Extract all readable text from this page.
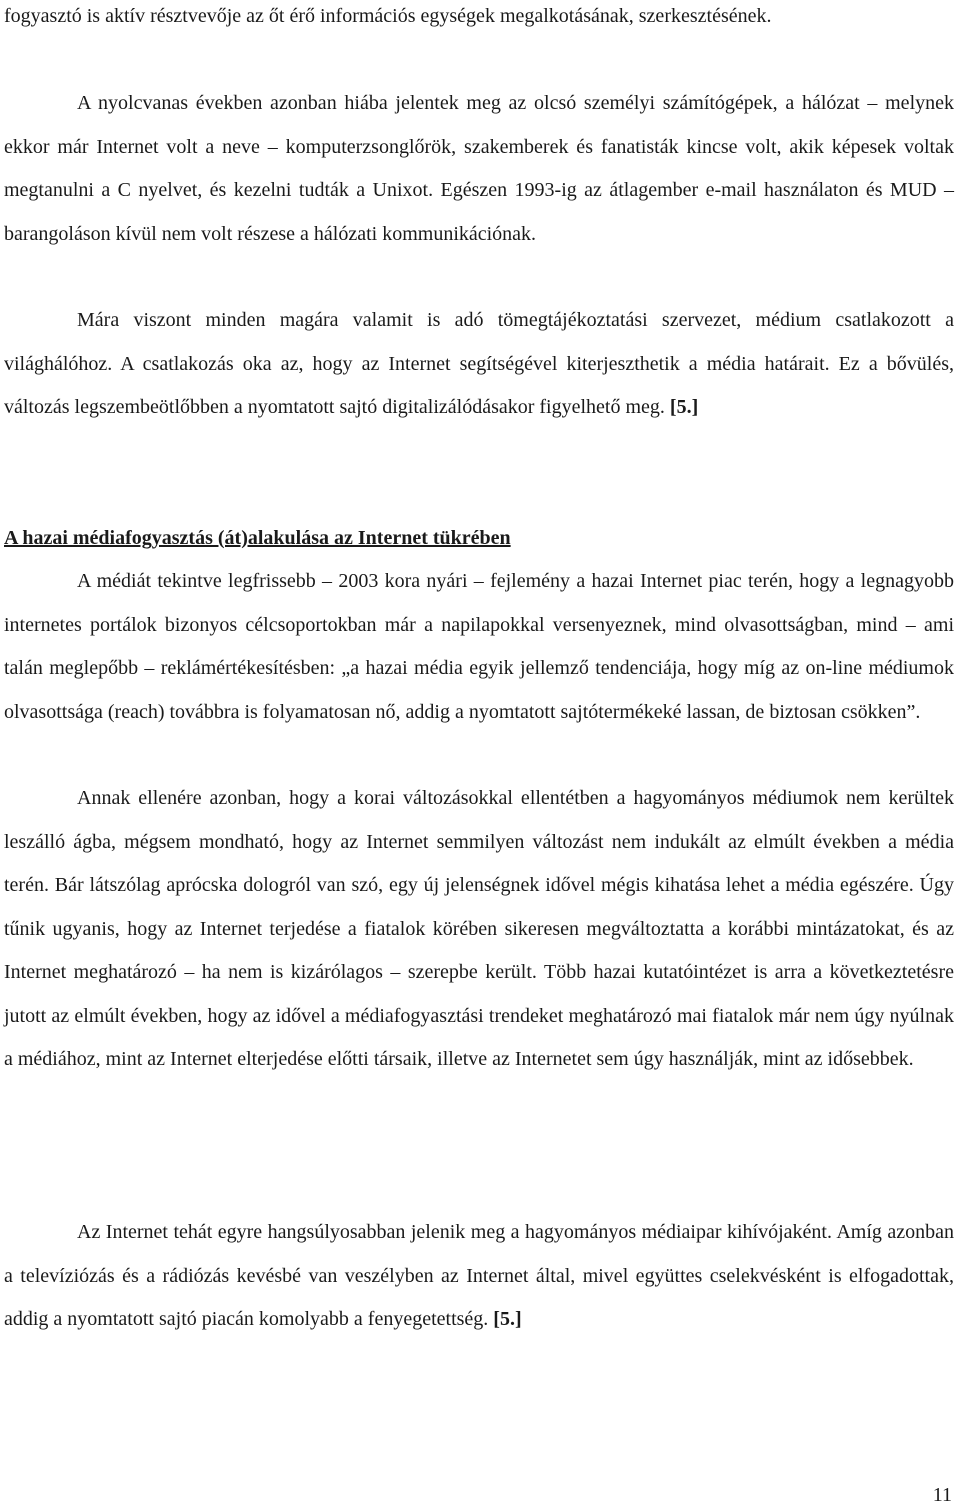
fogyasztó is aktív résztvevője az őt érő információs egységek megalkotásának, szerkesztésének.

A nyolcvanas években azonban hiába jelentek meg az olcsó személyi számítógépek, a hálózat – melynek ekkor már Internet volt a neve – komputerzsonglőrök, szakemberek és fanatisták kincse volt, akik képesek voltak megtanulni a C nyelvet, és kezelni tudták a Unixot. Egészen 1993-ig az átlagember e-mail használaton és MUD – barangoláson kívül nem volt részese a hálózati kommunikációnak.

Mára viszont minden magára valamit is adó tömegtájékoztatási szervezet, médium csatlakozott a világhálóhoz. A csatlakozás oka az, hogy az Internet segítségével kiterjeszthetik a média határait. Ez a bővülés, változás legszembeötlőbben a nyomtatott sajtó digitalizálódásakor figyelhető meg. [5.]

A hazai médiafogyasztás (át)alakulása az Internet tükrében

A médiát tekintve legfrissebb – 2003 kora nyári – fejlemény a hazai Internet piac terén, hogy a legnagyobb internetes portálok bizonyos célcsoportokban már a napilapokkal versenyeznek, mind olvasottságban, mind – ami talán meglepőbb – reklámértékesítésben: „a hazai média egyik jellemző tendenciája, hogy míg az on-line médiumok olvasottsága (reach) továbbra is folyamatosan nő, addig a nyomtatott sajtótermékeké lassan, de biztosan csökken”.

Annak ellenére azonban, hogy a korai változásokkal ellentétben a hagyományos médiumok nem kerültek leszálló ágba, mégsem mondható, hogy az Internet semmilyen változást nem indukált az elmúlt években a média terén. Bár látszólag aprócska dologról van szó, egy új jelenségnek idővel mégis kihatása lehet a média egészére. Úgy tűnik ugyanis, hogy az Internet terjedése a fiatalok körében sikeresen megváltoztatta a korábbi mintázatokat, és az Internet meghatározó – ha nem is kizárólagos – szerepbe került. Több hazai kutatóintézet is arra a következtetésre jutott az elmúlt években, hogy az idővel a médiafogyasztási trendeket meghatározó mai fiatalok már nem úgy nyúlnak a médiához, mint az Internet elterjedése előtti társaik, illetve az Internetet sem úgy használják, mint az idősebbek.

Az Internet tehát egyre hangsúlyosabban jelenik meg a hagyományos médiaipar kihívójaként. Amíg azonban a televíziózás és a rádiózás kevésbé van veszélyben az Internet által, mivel együttes cselekvésként is elfogadottak, addig a nyomtatott sajtó piacán komolyabb a fenyegetettség. [5.]

11
